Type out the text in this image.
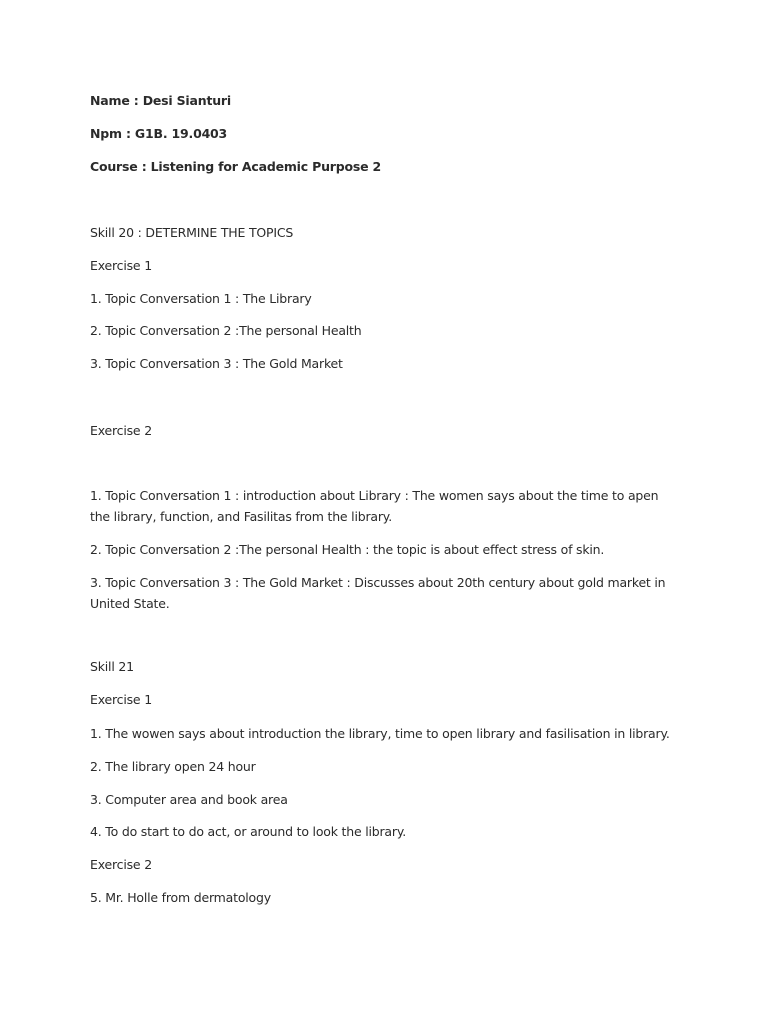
Name : Desi Sianturi
Npm : G1B. 19.0403
Course : Listening for Academic Purpose 2
Skill 20 : DETERMINE THE TOPICS
Exercise 1
1. Topic Conversation 1 : The Library
2. Topic Conversation 2 :The personal Health
3. Topic Conversation 3 : The Gold Market
Exercise 2
1. Topic Conversation 1 : introduction about Library : The women says about the time to apen the library, function, and Fasilitas from the library.
2. Topic Conversation 2 :The personal Health : the topic is about effect stress of skin.
3. Topic Conversation 3 : The Gold Market : Discusses about 20th century about gold market in United State.
Skill 21
Exercise 1
1. The wowen says about introduction the library, time to open library and fasilisation in library.
2. The library open 24 hour
3. Computer area and book area
4. To do start to do act, or around to look the library.
Exercise 2
5. Mr. Holle from dermatology
